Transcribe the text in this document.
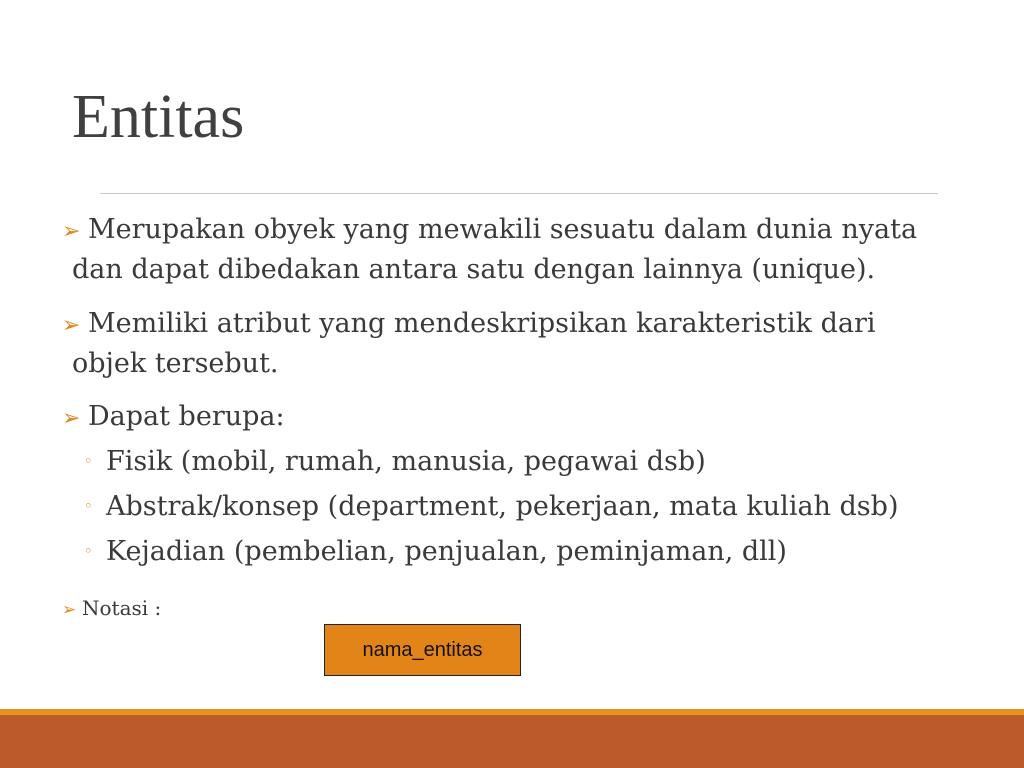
Entitas
➢ Merupakan obyek yang mewakili sesuatu dalam dunia nyata
dan dapat dibedakan antara satu dengan lainnya (unique).
➢ Memiliki atribut yang mendeskripsikan karakteristik dari
objek tersebut.
➢ Dapat berupa:
◦ Fisik (mobil, rumah, manusia, pegawai dsb)
◦ Abstrak/konsep (department, pekerjaan, mata kuliah dsb)
◦ Kejadian (pembelian, penjualan, peminjaman, dll)
➢ Notasi :
nama_entitas
